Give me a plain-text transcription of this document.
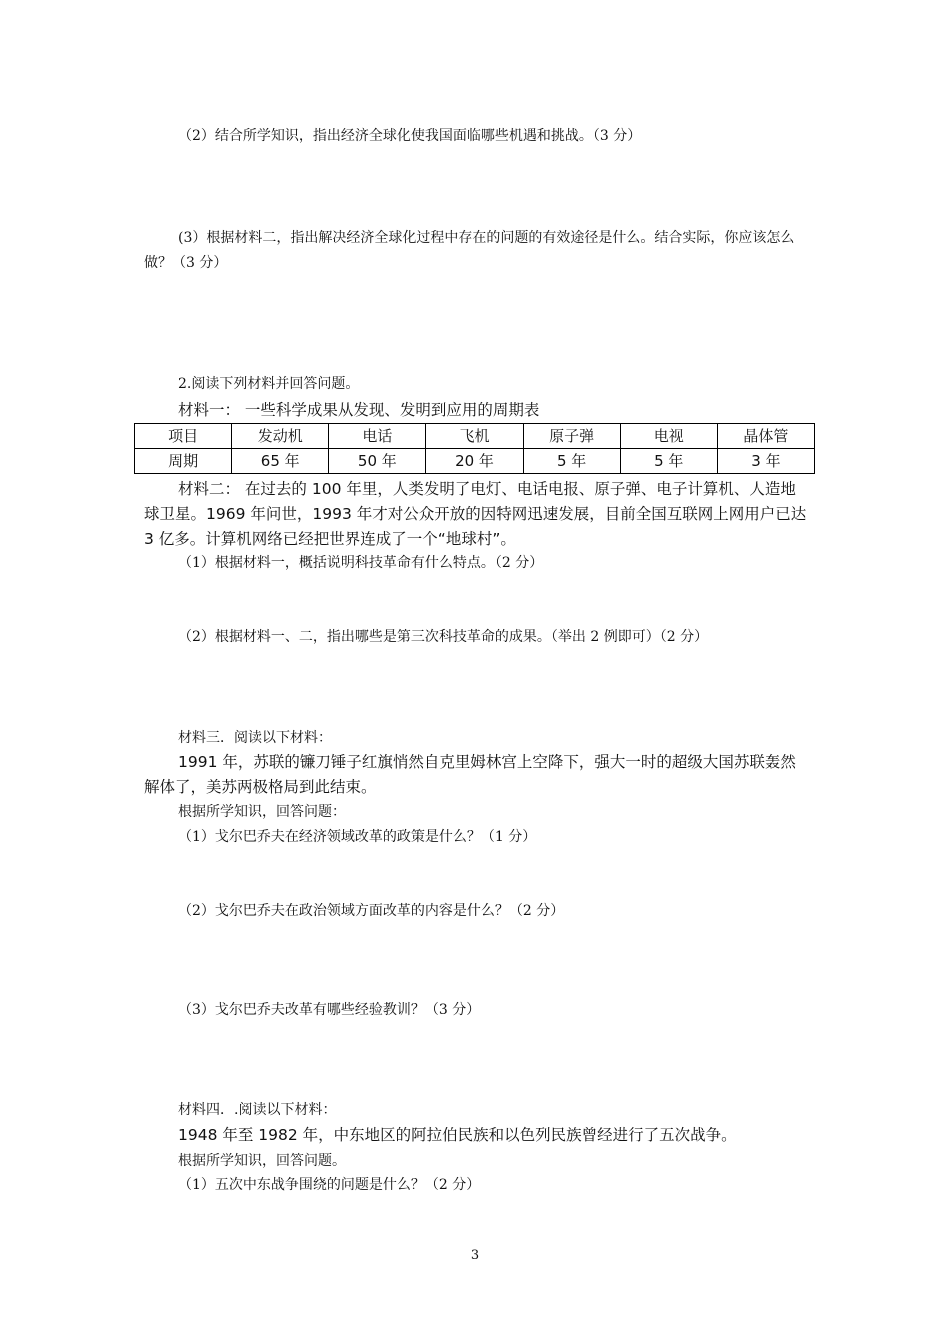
（2）结合所学知识，指出经济全球化使我国面临哪些机遇和挑战。（3 分）
(3）根据材料二，指出解决经济全球化过程中存在的问题的有效途径是什么。结合实际，你应该怎么做？（3 分）
2.阅读下列材料并回答问题。
材料一： 一些科学成果从发现、发明到应用的周期表
项目	发动机	电话	飞机	原子弹	电视	晶体管
周期	65 年	50 年	20 年	5 年	5 年	3 年
材料二： 在过去的 100 年里，人类发明了电灯、电话电报、原子弹、电子计算机、人造地球卫星。1969 年问世，1993 年才对公众开放的因特网迅速发展，目前全国互联网上网用户已达 3 亿多。计算机网络已经把世界连成了一个“地球村”。
（1）根据材料一，概括说明科技革命有什么特点。（2 分）
（2）根据材料一、二，指出哪些是第三次科技革命的成果。（举出 2 例即可）（2 分）
材料三．阅读以下材料：
1991 年，苏联的镰刀锤子红旗悄然自克里姆林宫上空降下，强大一时的超级大国苏联轰然解体了，美苏两极格局到此结束。
根据所学知识，回答问题：
（1）戈尔巴乔夫在经济领域改革的政策是什么？（1 分）
（2）戈尔巴乔夫在政治领域方面改革的内容是什么？（2 分）
（3）戈尔巴乔夫改革有哪些经验教训？（3 分）
材料四．.阅读以下材料：
1948 年至 1982 年，中东地区的阿拉伯民族和以色列民族曾经进行了五次战争。
根据所学知识，回答问题。
（1）五次中东战争围绕的问题是什么？（2 分）
3
